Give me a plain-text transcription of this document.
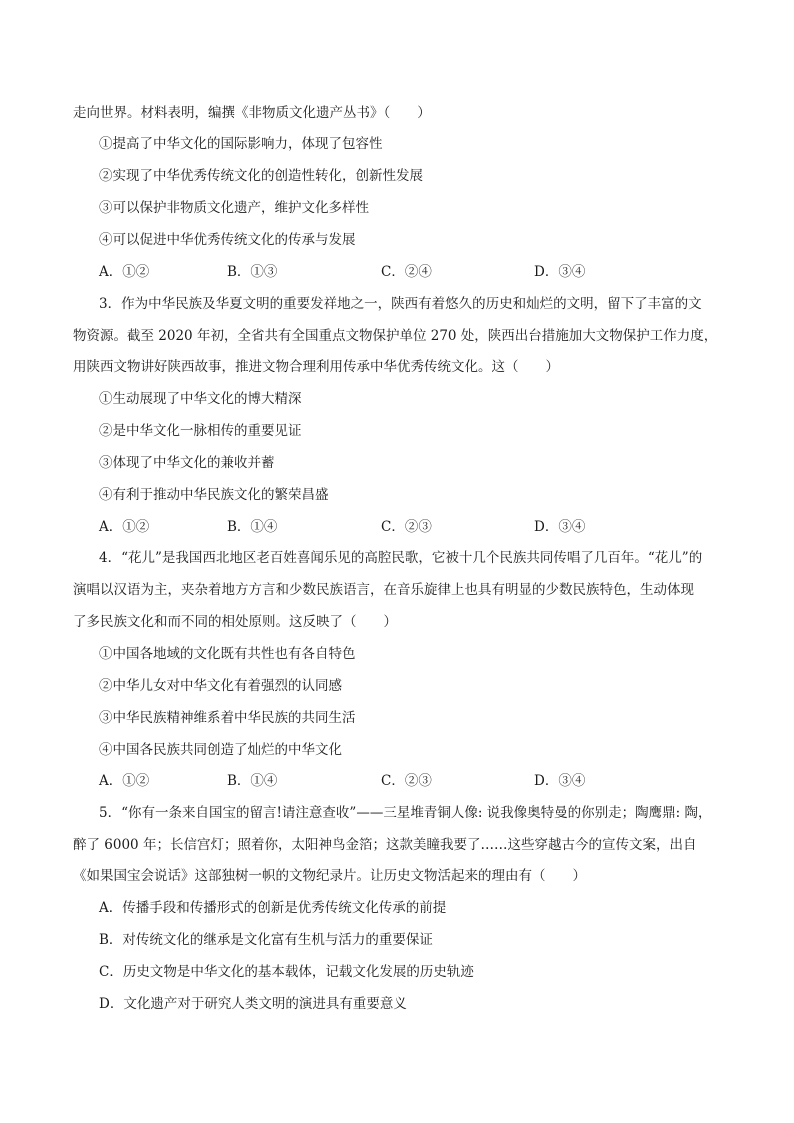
走向世界。材料表明，编撰《非物质文化遗产丛书》（　　）
①提高了中华文化的国际影响力，体现了包容性
②实现了中华优秀传统文化的创造性转化，创新性发展
③可以保护非物质文化遗产，维护文化多样性
④可以促进中华优秀传统文化的传承与发展
A．①②	B．①③	C．②④	D．③④
3．作为中华民族及华夏文明的重要发祥地之一，陕西有着悠久的历史和灿烂的文明，留下了丰富的文
物资源。截至 2020 年初，全省共有全国重点文物保护单位 270 处，陕西出台措施加大文物保护工作力度，
用陕西文物讲好陕西故事，推进文物合理利用传承中华优秀传统文化。这（　　）
①生动展现了中华文化的博大精深
②是中华文化一脉相传的重要见证
③体现了中华文化的兼收并蓄
④有利于推动中华民族文化的繁荣昌盛
A．①②	B．①④	C．②③	D．③④
4．“花儿”是我国西北地区老百姓喜闻乐见的高腔民歌，它被十几个民族共同传唱了几百年。“花儿”的
演唱以汉语为主，夹杂着地方方言和少数民族语言，在音乐旋律上也具有明显的少数民族特色，生动体现
了多民族文化和而不同的相处原则。这反映了（　　）
①中国各地域的文化既有共性也有各自特色
②中华儿女对中华文化有着强烈的认同感
③中华民族精神维系着中华民族的共同生活
④中国各民族共同创造了灿烂的中华文化
A．①②	B．①④	C．②③	D．③④
5．“你有一条来自国宝的留言!请注意查收”——三星堆青铜人像: 说我像奥特曼的你别走；陶鹰鼎: 陶，
醉了 6000 年；长信宫灯；照着你，太阳神鸟金箔；这款美瞳我要了……这些穿越古今的宣传文案，出自
《如果国宝会说话》这部独树一帜的文物纪录片。让历史文物活起来的理由有（　　）
A．传播手段和传播形式的创新是优秀传统文化传承的前提
B．对传统文化的继承是文化富有生机与活力的重要保证
C．历史文物是中华文化的基本载体，记载文化发展的历史轨迹
D．文化遗产对于研究人类文明的演进具有重要意义
